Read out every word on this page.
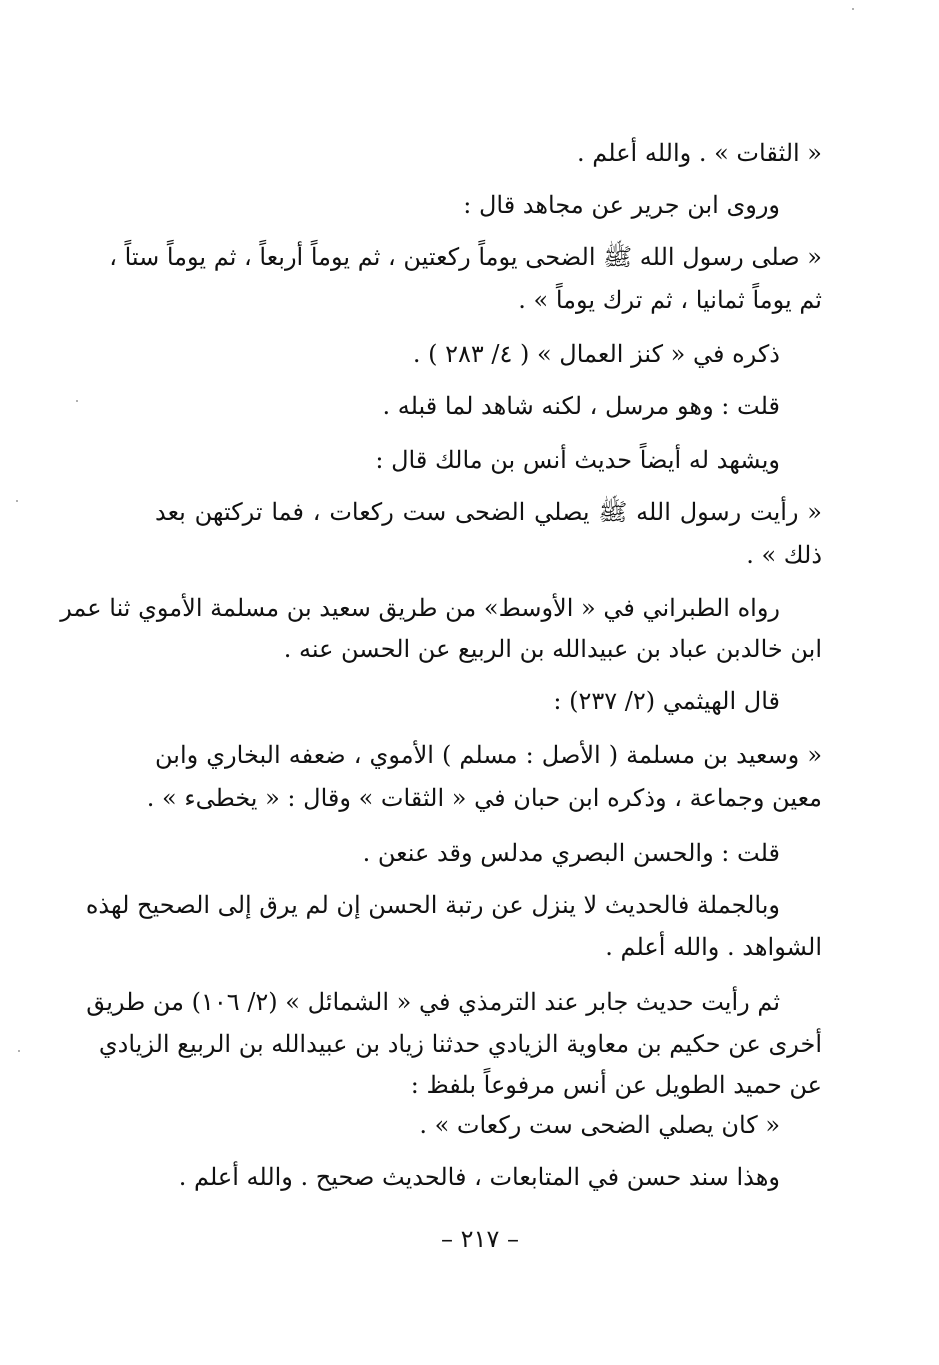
« الثقات » . والله أعلم .
وروى ابن جرير عن مجاهد قال :
« صلى رسول الله ﷺ الضحى يوماً ركعتين ، ثم يوماً أربعاً ، ثم يوماً ستاً ،
ثم يوماً ثمانيا ، ثم ترك يوماً » .
ذكره في « كنز العمال » ( ٤/ ٢٨٣ ) .
قلت : وهو مرسل ، لكنه شاهد لما قبله .
ويشهد له أيضاً حديث أنس بن مالك قال :
« رأيت رسول الله ﷺ يصلي الضحى ست ركعات ، فما تركتهن بعد
ذلك » .
رواه الطبراني في « الأوسط» من طريق سعيد بن مسلمة الأموي ثنا عمر
ابن خالدبن عباد بن عبيدالله بن الربيع عن الحسن عنه .
قال الهيثمي (٢/ ٢٣٧) :
« وسعيد بن مسلمة ( الأصل : مسلم ) الأموي ، ضعفه البخاري وابن
معين وجماعة ، وذكره ابن حبان في « الثقات » وقال : « يخطىء » .
قلت : والحسن البصري مدلس وقد عنعن .
وبالجملة فالحديث لا ينزل عن رتبة الحسن إن لم يرق إلى الصحيح لهذه
الشواهد . والله أعلم .
ثم رأيت حديث جابر عند الترمذي في « الشمائل » (٢/ ١٠٦) من طريق
أخرى عن حكيم بن معاوية الزيادي حدثنا زياد بن عبيدالله بن الربيع الزيادي
عن حميد الطويل عن أنس مرفوعاً بلفظ :
« كان يصلي الضحى ست ركعات » .
وهذا سند حسن في المتابعات ، فالحديث صحيح . والله أعلم .
– ٢١٧ –
